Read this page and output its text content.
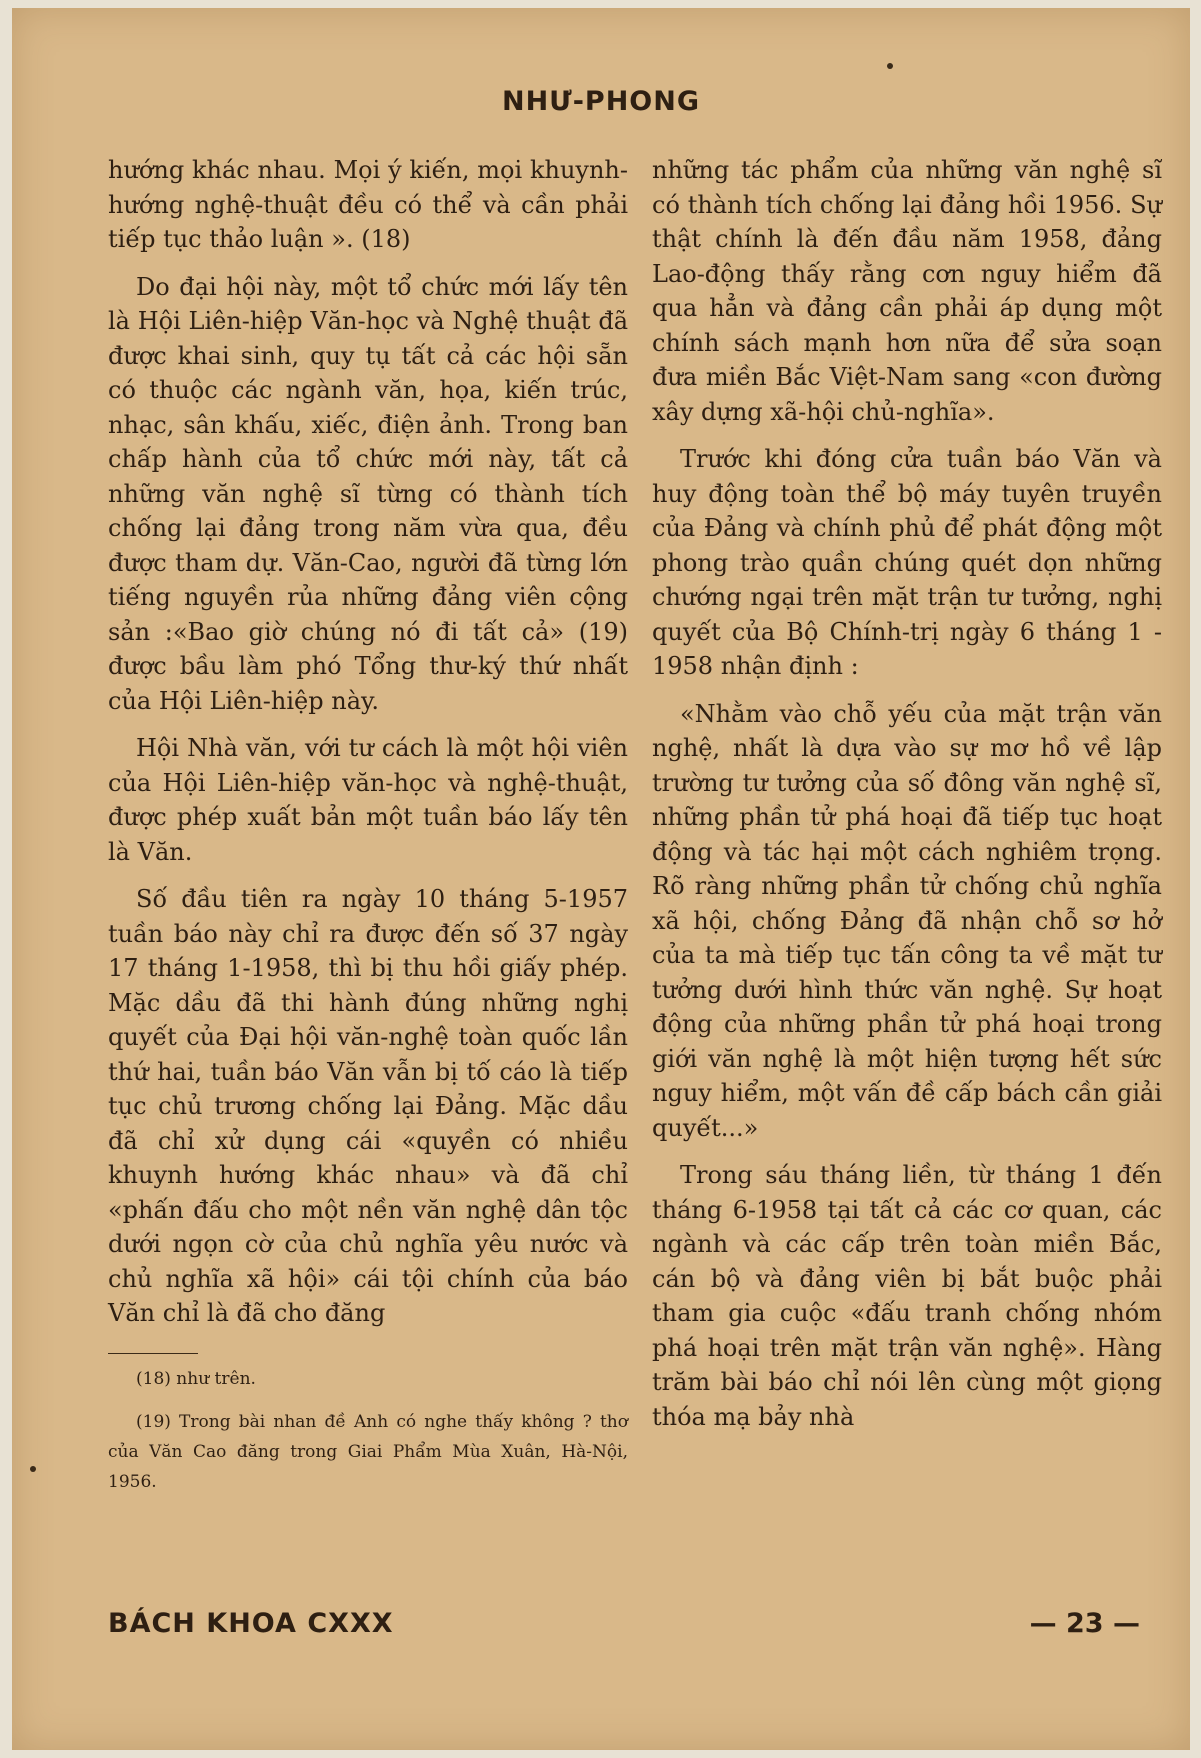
NHƯ-PHONG

hướng khác nhau. Mọi ý kiến, mọi khuynh-hướng nghệ-thuật đều có thể và cần phải tiếp tục thảo luận ». (18)

Do đại hội này, một tổ chức mới lấy tên là Hội Liên-hiệp Văn-học và Nghệ thuật đã được khai sinh, quy tụ tất cả các hội sẵn có thuộc các ngành văn, họa, kiến trúc, nhạc, sân khấu, xiếc, điện ảnh. Trong ban chấp hành của tổ chức mới này, tất cả những văn nghệ sĩ từng có thành tích chống lại đảng trong năm vừa qua, đều được tham dự. Văn-Cao, người đã từng lớn tiếng nguyền rủa những đảng viên cộng sản :«Bao giờ chúng nó đi tất cả» (19) được bầu làm phó Tổng thư-ký thứ nhất của Hội Liên-hiệp này.

Hội Nhà văn, với tư cách là một hội viên của Hội Liên-hiệp văn-học và nghệ-thuật, được phép xuất bản một tuần báo lấy tên là Văn.

Số đầu tiên ra ngày 10 tháng 5-1957 tuần báo này chỉ ra được đến số 37 ngày 17 tháng 1-1958, thì bị thu hồi giấy phép. Mặc dầu đã thi hành đúng những nghị quyết của Đại hội văn-nghệ toàn quốc lần thứ hai, tuần báo Văn vẫn bị tố cáo là tiếp tục chủ trương chống lại Đảng. Mặc dầu đã chỉ xử dụng cái «quyền có nhiều khuynh hướng khác nhau» và đã chỉ «phấn đấu cho một nền văn nghệ dân tộc dưới ngọn cờ của chủ nghĩa yêu nước và chủ nghĩa xã hội» cái tội chính của báo Văn chỉ là đã cho đăng

(18) như trên.

(19) Trong bài nhan đề Anh có nghe thấy không ? thơ của Văn Cao đăng trong Giai Phẩm Mùa Xuân, Hà-Nội, 1956.

những tác phẩm của những văn nghệ sĩ có thành tích chống lại đảng hồi 1956. Sự thật chính là đến đầu năm 1958, đảng Lao-động thấy rằng cơn nguy hiểm đã qua hẳn và đảng cần phải áp dụng một chính sách mạnh hơn nữa để sửa soạn đưa miền Bắc Việt-Nam sang «con đường xây dựng xã-hội chủ-nghĩa».

Trước khi đóng cửa tuần báo Văn và huy động toàn thể bộ máy tuyên truyền của Đảng và chính phủ để phát động một phong trào quần chúng quét dọn những chướng ngại trên mặt trận tư tưởng, nghị quyết của Bộ Chính-trị ngày 6 tháng 1 - 1958 nhận định :

«Nhằm vào chỗ yếu của mặt trận văn nghệ, nhất là dựa vào sự mơ hồ về lập trường tư tưởng của số đông văn nghệ sĩ, những phần tử phá hoại đã tiếp tục hoạt động và tác hại một cách nghiêm trọng. Rõ ràng những phần tử chống chủ nghĩa xã hội, chống Đảng đã nhận chỗ sơ hở của ta mà tiếp tục tấn công ta về mặt tư tưởng dưới hình thức văn nghệ. Sự hoạt động của những phần tử phá hoại trong giới văn nghệ là một hiện tượng hết sức nguy hiểm, một vấn đề cấp bách cần giải quyết...»

Trong sáu tháng liền, từ tháng 1 đến tháng 6-1958 tại tất cả các cơ quan, các ngành và các cấp trên toàn miền Bắc, cán bộ và đảng viên bị bắt buộc phải tham gia cuộc «đấu tranh chống nhóm phá hoại trên mặt trận văn nghệ». Hàng trăm bài báo chỉ nói lên cùng một giọng thóa mạ bảy nhà

BÁCH KHOA CXXX	— 23 —
